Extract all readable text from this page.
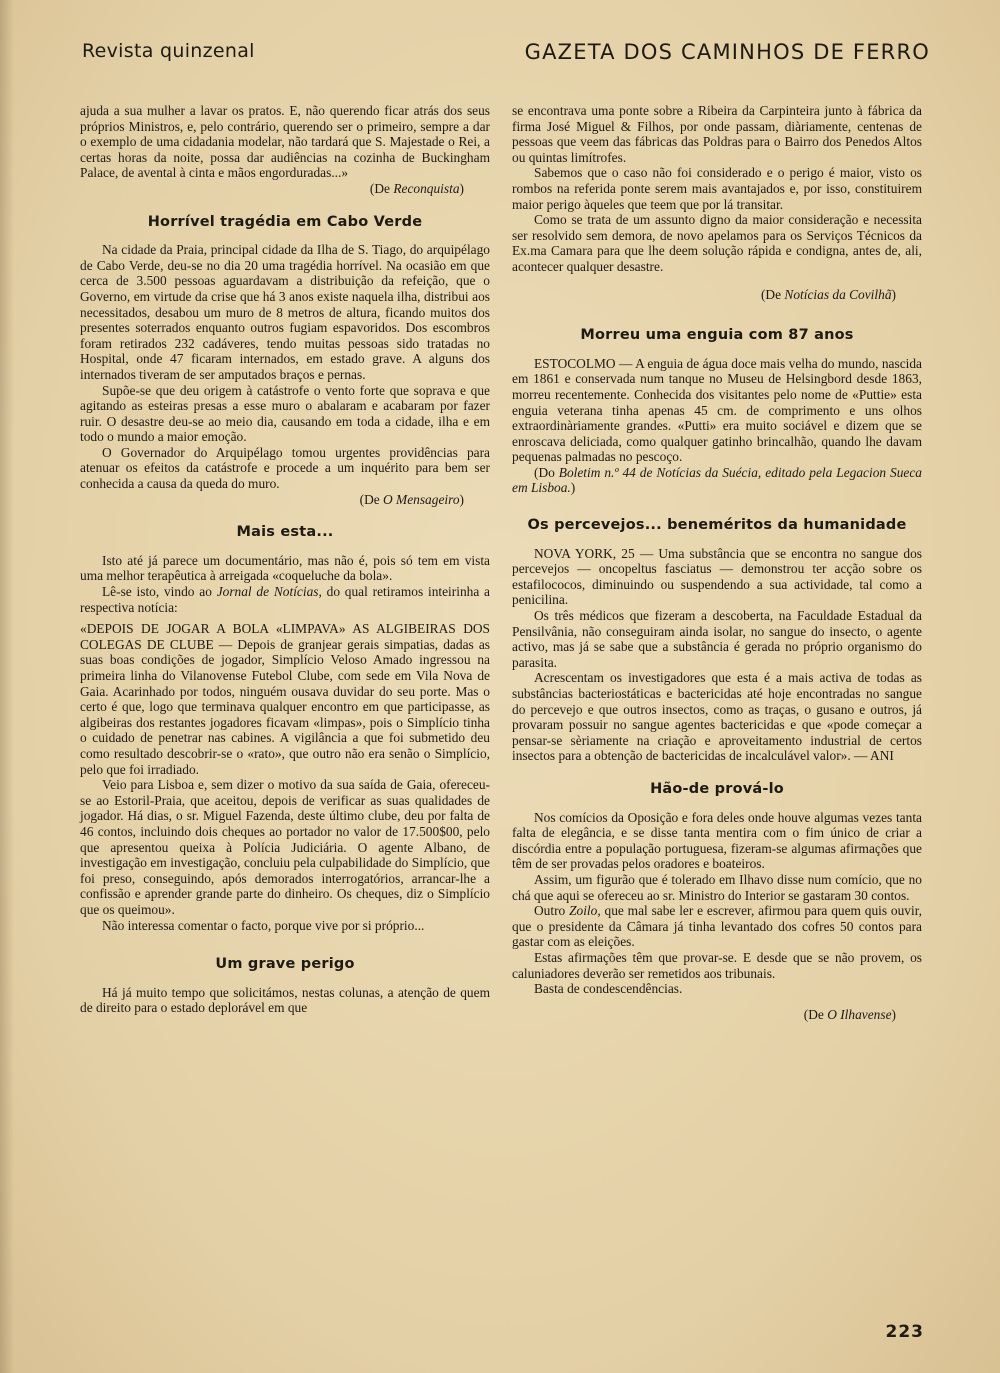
Revista quinzenal	GAZETA DOS CAMINHOS DE FERRO

ajuda a sua mulher a lavar os pratos. E, não querendo ficar atrás dos seus próprios Ministros, e, pelo contrário, querendo ser o primeiro, sempre a dar o exemplo de uma cidadania modelar, não tardará que S. Majestade o Rei, a certas horas da noite, possa dar audiências na cozinha de Buckingham Palace, de avental à cinta e mãos engorduradas...»

(De Reconquista)

Horrível tragédia em Cabo Verde

Na cidade da Praia, principal cidade da Ilha de S. Tiago, do arquipélago de Cabo Verde, deu-se no dia 20 uma tragédia horrível. Na ocasião em que cerca de 3.500 pessoas aguardavam a distribuição da refeição, que o Governo, em virtude da crise que há 3 anos existe naquela ilha, distribui aos necessitados, desabou um muro de 8 metros de altura, ficando muitos dos presentes soterrados enquanto outros fugiam espavoridos. Dos escombros foram retirados 232 cadáveres, tendo muitas pessoas sido tratadas no Hospital, onde 47 ficaram internados, em estado grave. A alguns dos internados tiveram de ser amputados braços e pernas.

Supõe-se que deu origem à catástrofe o vento forte que soprava e que agitando as esteiras presas a esse muro o abalaram e acabaram por fazer ruir. O desastre deu-se ao meio dia, causando em toda a cidade, ilha e em todo o mundo a maior emoção.

O Governador do Arquipélago tomou urgentes providências para atenuar os efeitos da catástrofe e procede a um inquérito para bem ser conhecida a causa da queda do muro.

(De O Mensageiro)

Mais esta...

Isto até já parece um documentário, mas não é, pois só tem em vista uma melhor terapêutica à arreigada «coqueluche da bola».

Lê-se isto, vindo ao Jornal de Notícias, do qual retiramos inteirinha a respectiva notícia:

«DEPOIS DE JOGAR A BOLA «LIMPAVA» AS ALGIBEIRAS DOS COLEGAS DE CLUBE — Depois de granjear gerais simpatias, dadas as suas boas condições de jogador, Simplício Veloso Amado ingressou na primeira linha do Vilanovense Futebol Clube, com sede em Vila Nova de Gaia. Acarinhado por todos, ninguém ousava duvidar do seu porte. Mas o certo é que, logo que terminava qualquer encontro em que participasse, as algibeiras dos restantes jogadores ficavam «limpas», pois o Simplício tinha o cuidado de penetrar nas cabines. A vigilância a que foi submetido deu como resultado descobrir-se o «rato», que outro não era senão o Simplício, pelo que foi irradiado.

Veio para Lisboa e, sem dizer o motivo da sua saída de Gaia, ofereceu-se ao Estoril-Praia, que aceitou, depois de verificar as suas qualidades de jogador. Há dias, o sr. Miguel Fazenda, deste último clube, deu por falta de 46 contos, incluindo dois cheques ao portador no valor de 17.500$00, pelo que apresentou queixa à Polícia Judiciária. O agente Albano, de investigação em investigação, concluiu pela culpabilidade do Simplício, que foi preso, conseguindo, após demorados interrogatórios, arrancar-lhe a confissão e aprender grande parte do dinheiro. Os cheques, diz o Simplício que os queimou».

Não interessa comentar o facto, porque vive por si próprio...

Um grave perigo

Há já muito tempo que solicitámos, nestas colunas, a atenção de quem de direito para o estado deplorável em que

se encontrava uma ponte sobre a Ribeira da Carpinteira junto à fábrica da firma José Miguel & Filhos, por onde passam, diàriamente, centenas de pessoas que veem das fábricas das Poldras para o Bairro dos Penedos Altos ou quintas limítrofes.

Sabemos que o caso não foi considerado e o perigo é maior, visto os rombos na referida ponte serem mais avantajados e, por isso, constituirem maior perigo àqueles que teem que por lá transitar.

Como se trata de um assunto digno da maior consideração e necessita ser resolvido sem demora, de novo apelamos para os Serviços Técnicos da Ex.ma Camara para que lhe deem solução rápida e condigna, antes de, ali, acontecer qualquer desastre.

(De Notícias da Covilhã)

Morreu uma enguia com 87 anos

ESTOCOLMO — A enguia de água doce mais velha do mundo, nascida em 1861 e conservada num tanque no Museu de Helsingbord desde 1863, morreu recentemente. Conhecida dos visitantes pelo nome de «Puttie» esta enguia veterana tinha apenas 45 cm. de comprimento e uns olhos extraordinàriamente grandes. «Putti» era muito sociável e dizem que se enroscava deliciada, como qualquer gatinho brincalhão, quando lhe davam pequenas palmadas no pescoço.

(Do Boletim n.º 44 de Notícias da Suécia, editado pela Legacion Sueca em Lisboa.)

Os percevejos... beneméritos da humanidade

NOVA YORK, 25 — Uma substância que se encontra no sangue dos percevejos — oncopeltus fasciatus — demonstrou ter acção sobre os estafilococos, diminuindo ou suspendendo a sua actividade, tal como a penicilina.

Os três médicos que fizeram a descoberta, na Faculdade Estadual da Pensilvânia, não conseguiram ainda isolar, no sangue do insecto, o agente activo, mas já se sabe que a substância é gerada no próprio organismo do parasita.

Acrescentam os investigadores que esta é a mais activa de todas as substâncias bacteriostáticas e bactericidas até hoje encontradas no sangue do percevejo e que outros insectos, como as traças, o gusano e outros, já provaram possuir no sangue agentes bactericidas e que «pode começar a pensar-se sèriamente na criação e aproveitamento industrial de certos insectos para a obtenção de bactericidas de incalculável valor». — ANI

Hão-de prová-lo

Nos comícios da Oposição e fora deles onde houve algumas vezes tanta falta de elegância, e se disse tanta mentira com o fim único de criar a discórdia entre a população portuguesa, fizeram-se algumas afirmações que têm de ser provadas pelos oradores e boateiros.

Assim, um figurão que é tolerado em Ilhavo disse num comício, que no chá que aqui se ofereceu ao sr. Ministro do Interior se gastaram 30 contos.

Outro Zoilo, que mal sabe ler e escrever, afirmou para quem quis ouvir, que o presidente da Câmara já tinha levantado dos cofres 50 contos para gastar com as eleições.

Estas afirmações têm que provar-se. E desde que se não provem, os caluniadores deverão ser remetidos aos tribunais.

Basta de condescendências.

(De O Ilhavense)

223
